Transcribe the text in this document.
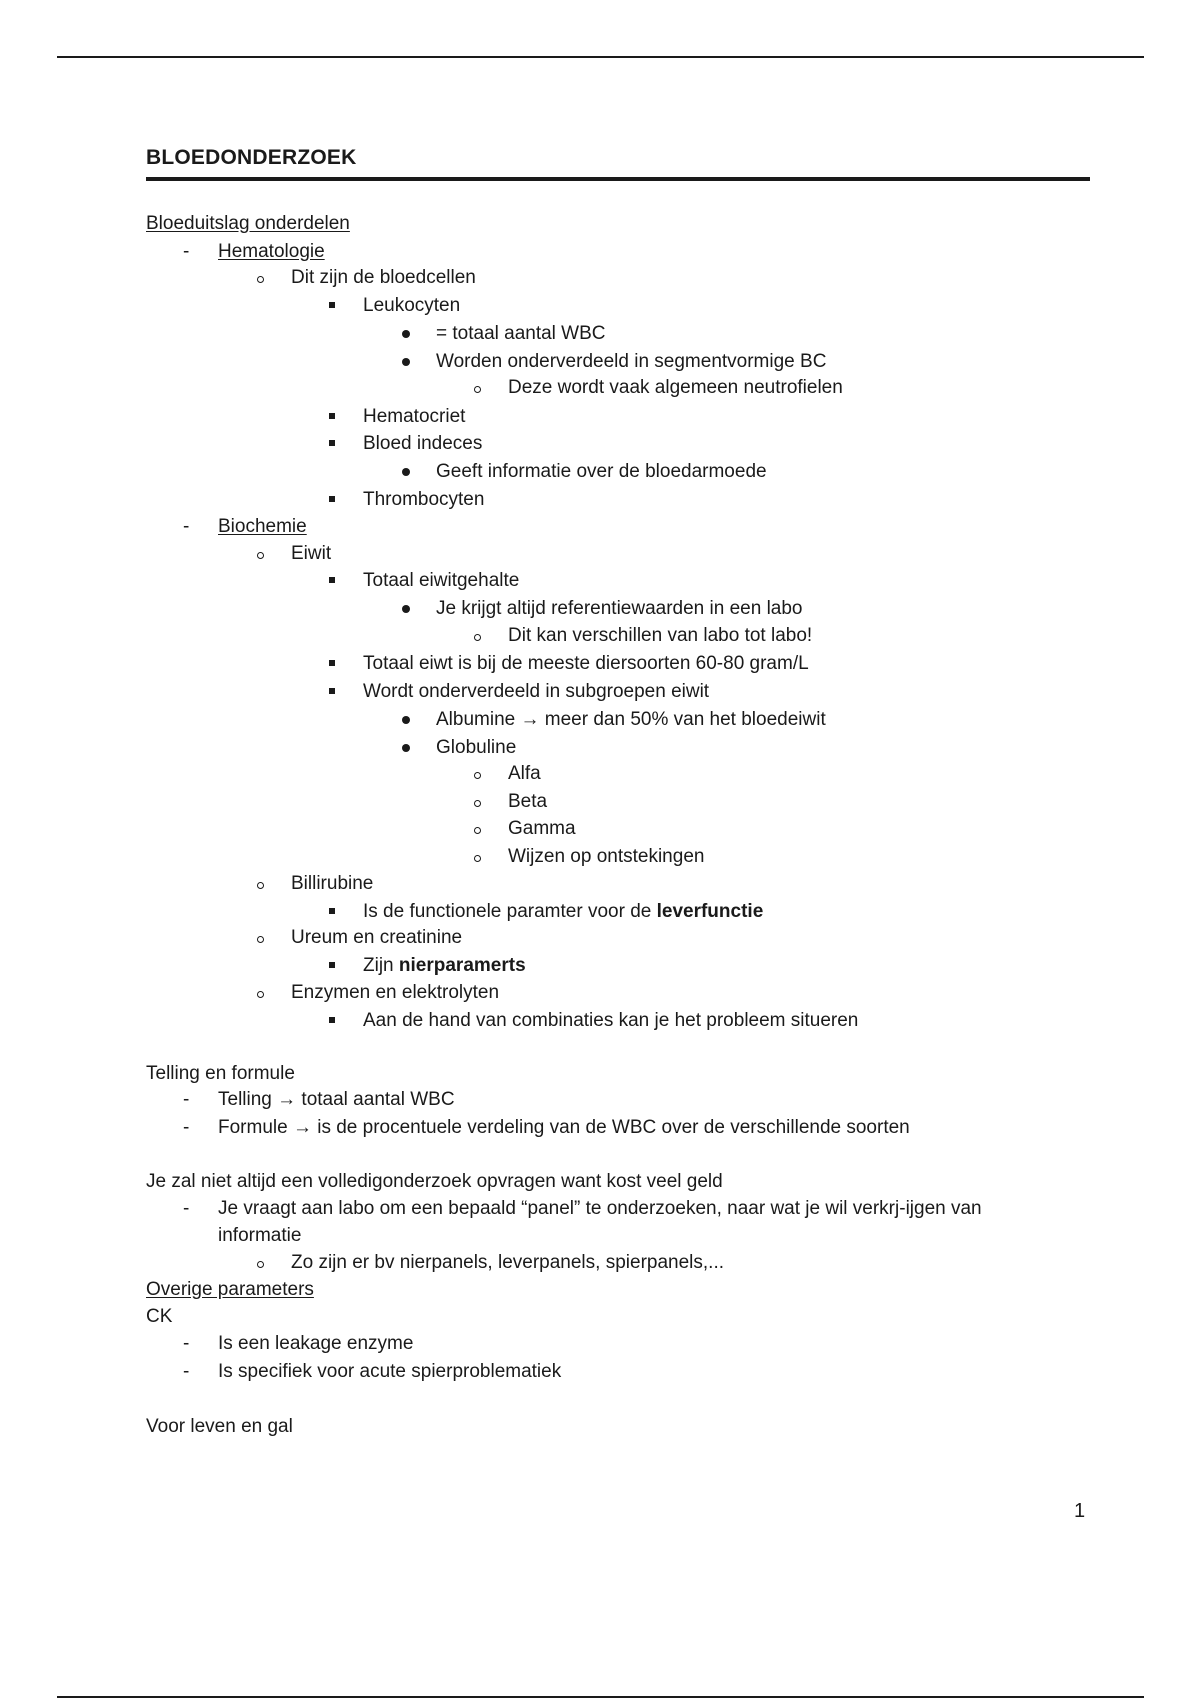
BLOEDONDERZOEK
Bloeduitslag onderdelen
- Hematologie
Dit zijn de bloedcellen
Leukocyten
= totaal aantal WBC
Worden onderverdeeld in segmentvormige BC
Deze wordt vaak algemeen neutrofielen
Hematocriet
Bloed indeces
Geeft informatie over de bloedarmoede
Thrombocyten
- Biochemie
Eiwit
Totaal eiwitgehalte
Je krijgt altijd referentiewaarden in een labo
Dit kan verschillen van labo tot labo!
Totaal eiwt is bij de meeste diersoorten 60-80 gram/L
Wordt onderverdeeld in subgroepen eiwit
Albumine → meer dan 50% van het bloedeiwit
Globuline
Alfa
Beta
Gamma
Wijzen op ontstekingen
Billirubine
Is de functionele paramter voor de leverfunctie
Ureum en creatinine
Zijn nierparamerts
Enzymen en elektrolyten
Aan de hand van combinaties kan je het probleem situeren
Telling en formule
- Telling → totaal aantal WBC
- Formule → is de procentuele verdeling van de WBC over de verschillende soorten
Je zal niet altijd een volledigonderzoek opvragen want kost veel geld
- Je vraagt aan labo om een bepaald “panel” te onderzoeken, naar wat je wil verkrj-ijgen van
informatie
Zo zijn er bv nierpanels, leverpanels, spierpanels,...
Overige parameters
CK
- Is een leakage enzyme
- Is specifiek voor acute spierproblematiek
Voor leven en gal
1
